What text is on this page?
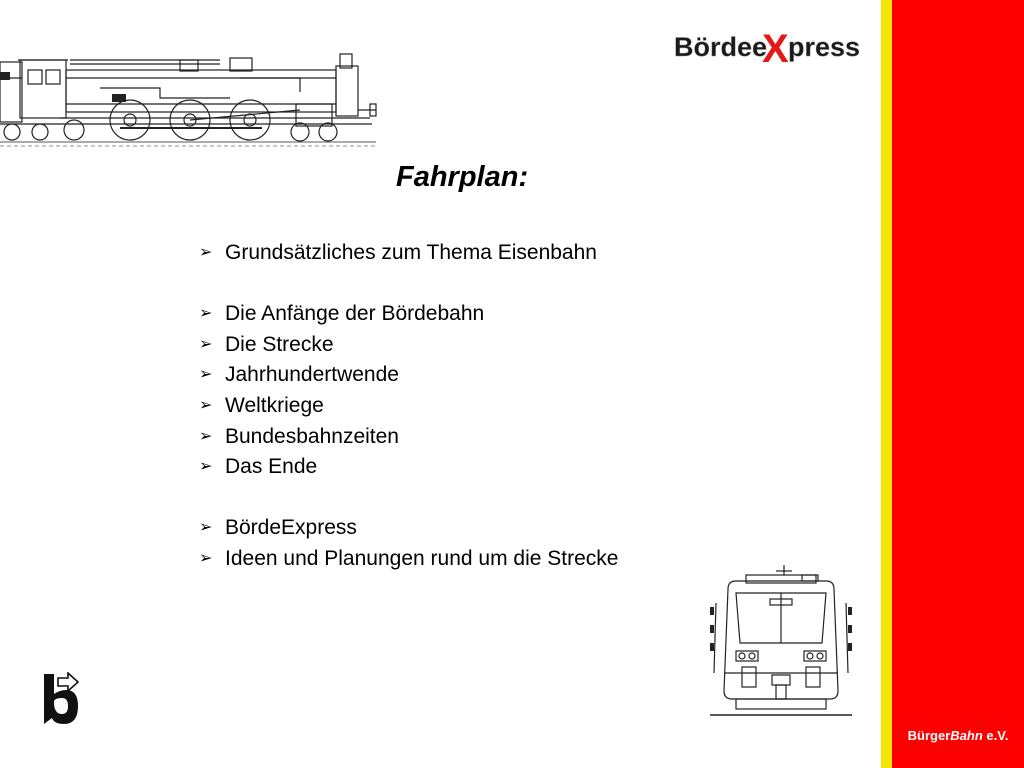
Bördee
X press
Fahrplan:
➢ Grundsätzliches zum Thema Eisenbahn
➢ Die Anfänge der Bördebahn
➢ Die Strecke
➢ Jahrhundertwende
➢ Weltkriege
➢ Bundesbahnzeiten
➢ Das Ende
➢ BördeExpress
➢ Ideen und Planungen rund um die Strecke
BürgerBahn e.V.
